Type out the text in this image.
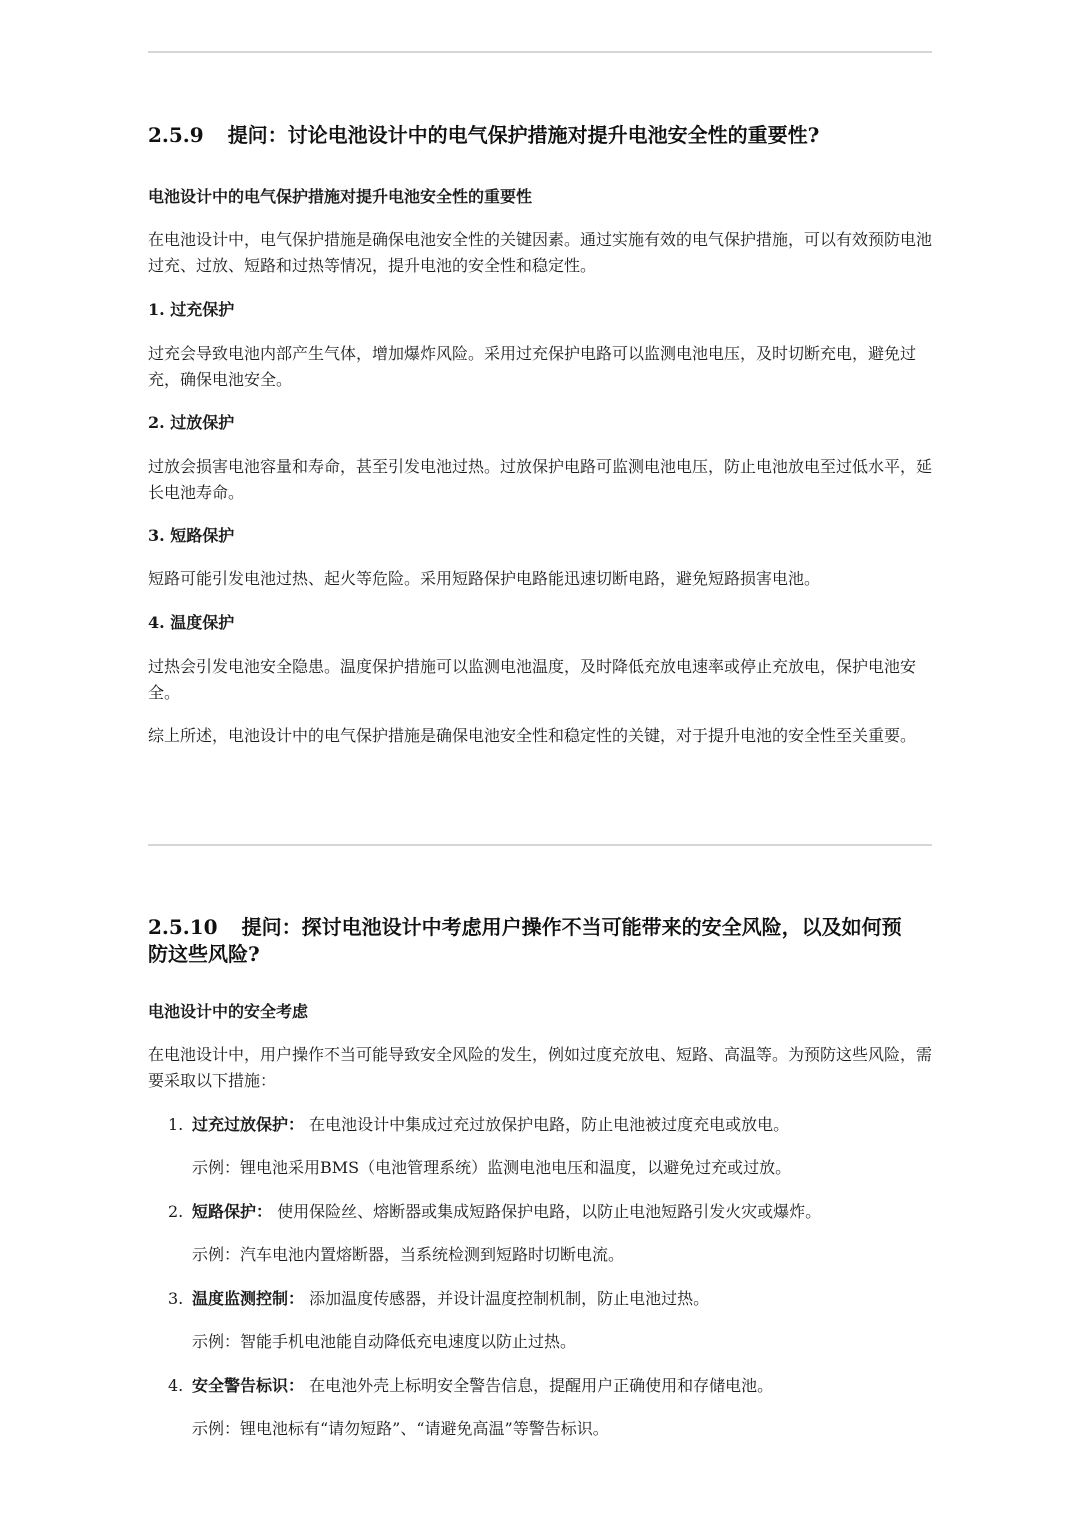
2.5.9 提问：讨论电池设计中的电气保护措施对提升电池安全性的重要性?

电池设计中的电气保护措施对提升电池安全性的重要性

在电池设计中，电气保护措施是确保电池安全性的关键因素。通过实施有效的电气保护措施，可以有效预防电池过充、过放、短路和过热等情况，提升电池的安全性和稳定性。

1. 过充保护

过充会导致电池内部产生气体，增加爆炸风险。采用过充保护电路可以监测电池电压，及时切断充电，避免过充，确保电池安全。

2. 过放保护

过放会损害电池容量和寿命，甚至引发电池过热。过放保护电路可监测电池电压，防止电池放电至过低水平，延长电池寿命。

3. 短路保护

短路可能引发电池过热、起火等危险。采用短路保护电路能迅速切断电路，避免短路损害电池。

4. 温度保护

过热会引发电池安全隐患。温度保护措施可以监测电池温度，及时降低充放电速率或停止充放电，保护电池安全。

综上所述，电池设计中的电气保护措施是确保电池安全性和稳定性的关键，对于提升电池的安全性至关重要。

2.5.10 提问：探讨电池设计中考虑用户操作不当可能带来的安全风险，以及如何预
防这些风险?

电池设计中的安全考虑

在电池设计中，用户操作不当可能导致安全风险的发生，例如过度充放电、短路、高温等。为预防这些风险，需要采取以下措施：

1. 过充过放保护： 在电池设计中集成过充过放保护电路，防止电池被过度充电或放电。

示例：锂电池采用BMS（电池管理系统）监测电池电压和温度，以避免过充或过放。

2. 短路保护： 使用保险丝、熔断器或集成短路保护电路，以防止电池短路引发火灾或爆炸。

示例：汽车电池内置熔断器，当系统检测到短路时切断电流。

3. 温度监测控制： 添加温度传感器，并设计温度控制机制，防止电池过热。

示例：智能手机电池能自动降低充电速度以防止过热。

4. 安全警告标识： 在电池外壳上标明安全警告信息，提醒用户正确使用和存储电池。

示例：锂电池标有“请勿短路”、“请避免高温”等警告标识。
